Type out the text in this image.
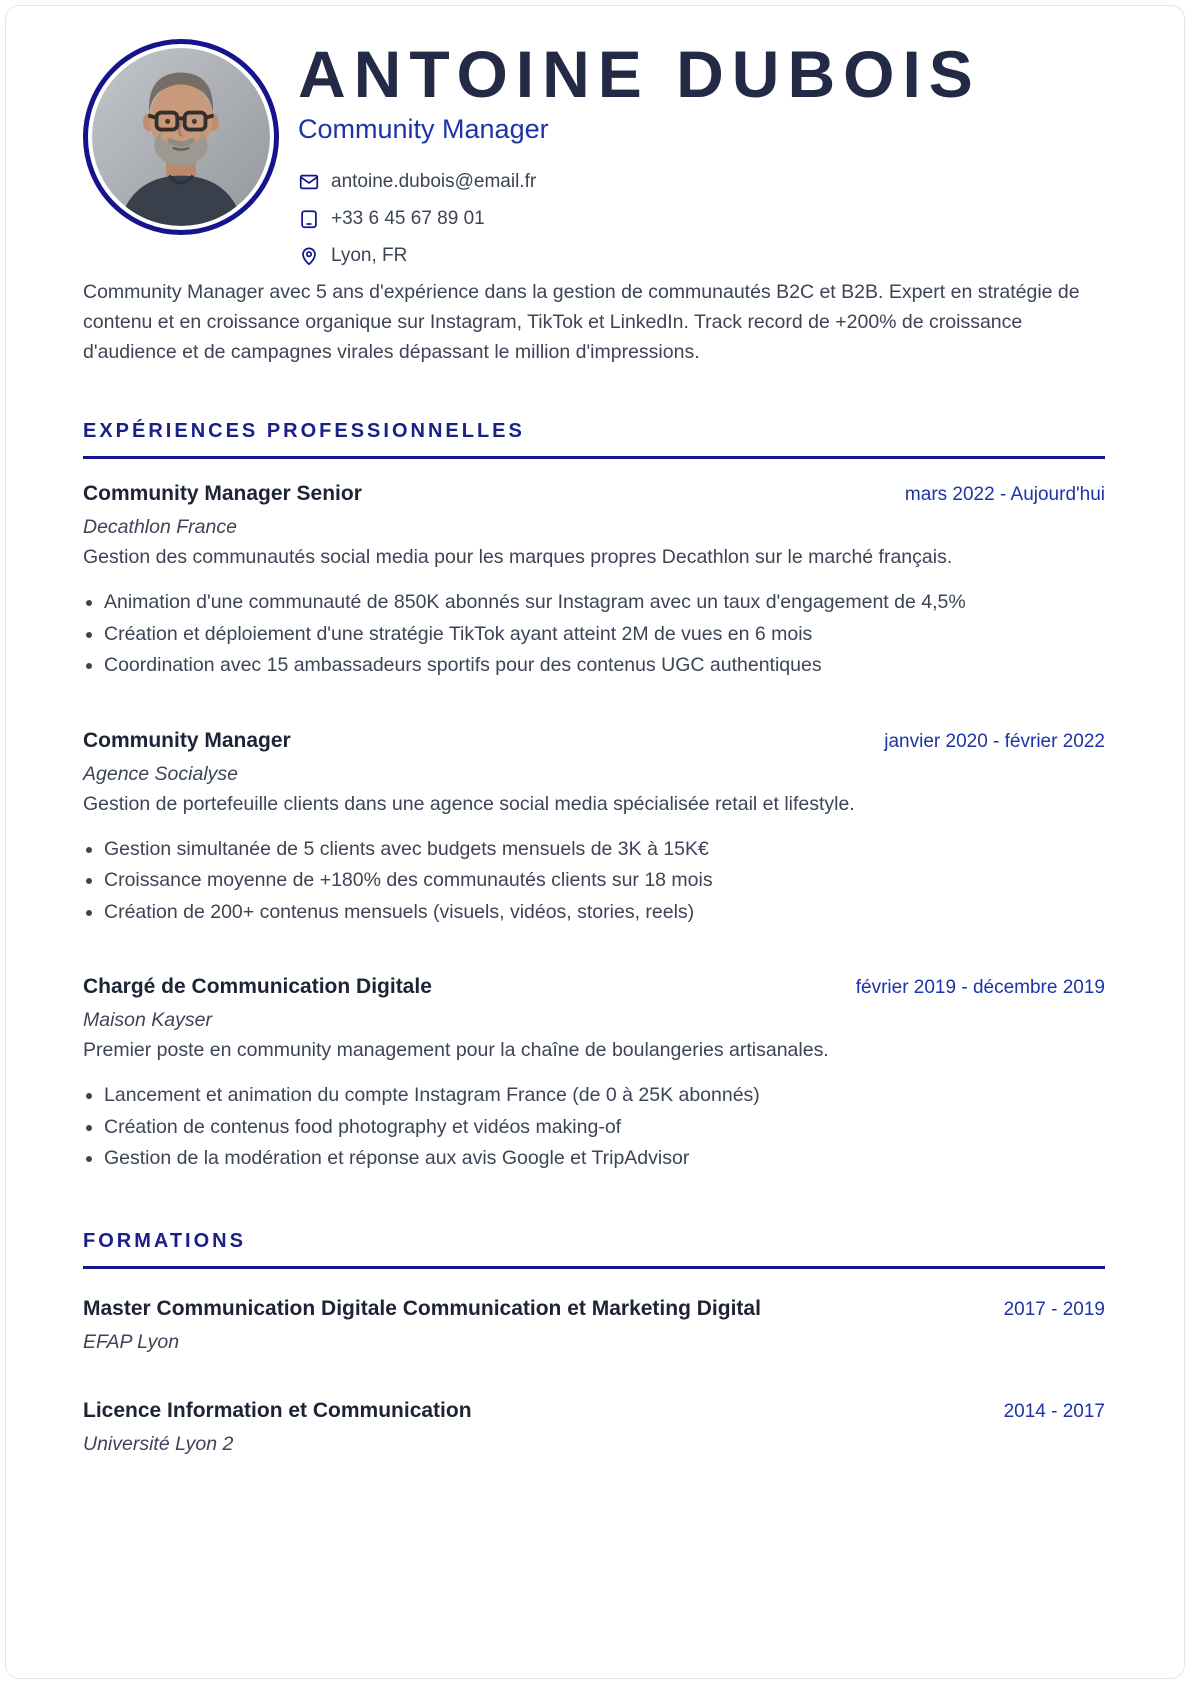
ANTOINE DUBOIS
Community Manager
antoine.dubois@email.fr
+33 6 45 67 89 01
Lyon, FR

Community Manager avec 5 ans d'expérience dans la gestion de communautés B2C et B2B. Expert en stratégie de contenu et en croissance organique sur Instagram, TikTok et LinkedIn. Track record de +200% de croissance d'audience et de campagnes virales dépassant le million d'impressions.

EXPÉRIENCES PROFESSIONNELLES
Community Manager Senior	mars 2022 - Aujourd'hui
Decathlon France

Gestion des communautés social media pour les marques propres Decathlon sur le marché français.

• Animation d'une communauté de 850K abonnés sur Instagram avec un taux d'engagement de 4,5%
• Création et déploiement d'une stratégie TikTok ayant atteint 2M de vues en 6 mois
• Coordination avec 15 ambassadeurs sportifs pour des contenus UGC authentiques
Community Manager	janvier 2020 - février 2022
Agence Socialyse

Gestion de portefeuille clients dans une agence social media spécialisée retail et lifestyle.

• Gestion simultanée de 5 clients avec budgets mensuels de 3K à 15K€
• Croissance moyenne de +180% des communautés clients sur 18 mois
• Création de 200+ contenus mensuels (visuels, vidéos, stories, reels)
Chargé de Communication Digitale	février 2019 - décembre 2019
Maison Kayser

Premier poste en community management pour la chaîne de boulangeries artisanales.

• Lancement et animation du compte Instagram France (de 0 à 25K abonnés)
• Création de contenus food photography et vidéos making-of
• Gestion de la modération et réponse aux avis Google et TripAdvisor
FORMATIONS
Master Communication Digitale Communication et Marketing Digital	2017 - 2019
EFAP Lyon
Licence Information et Communication	2014 - 2017
Université Lyon 2
